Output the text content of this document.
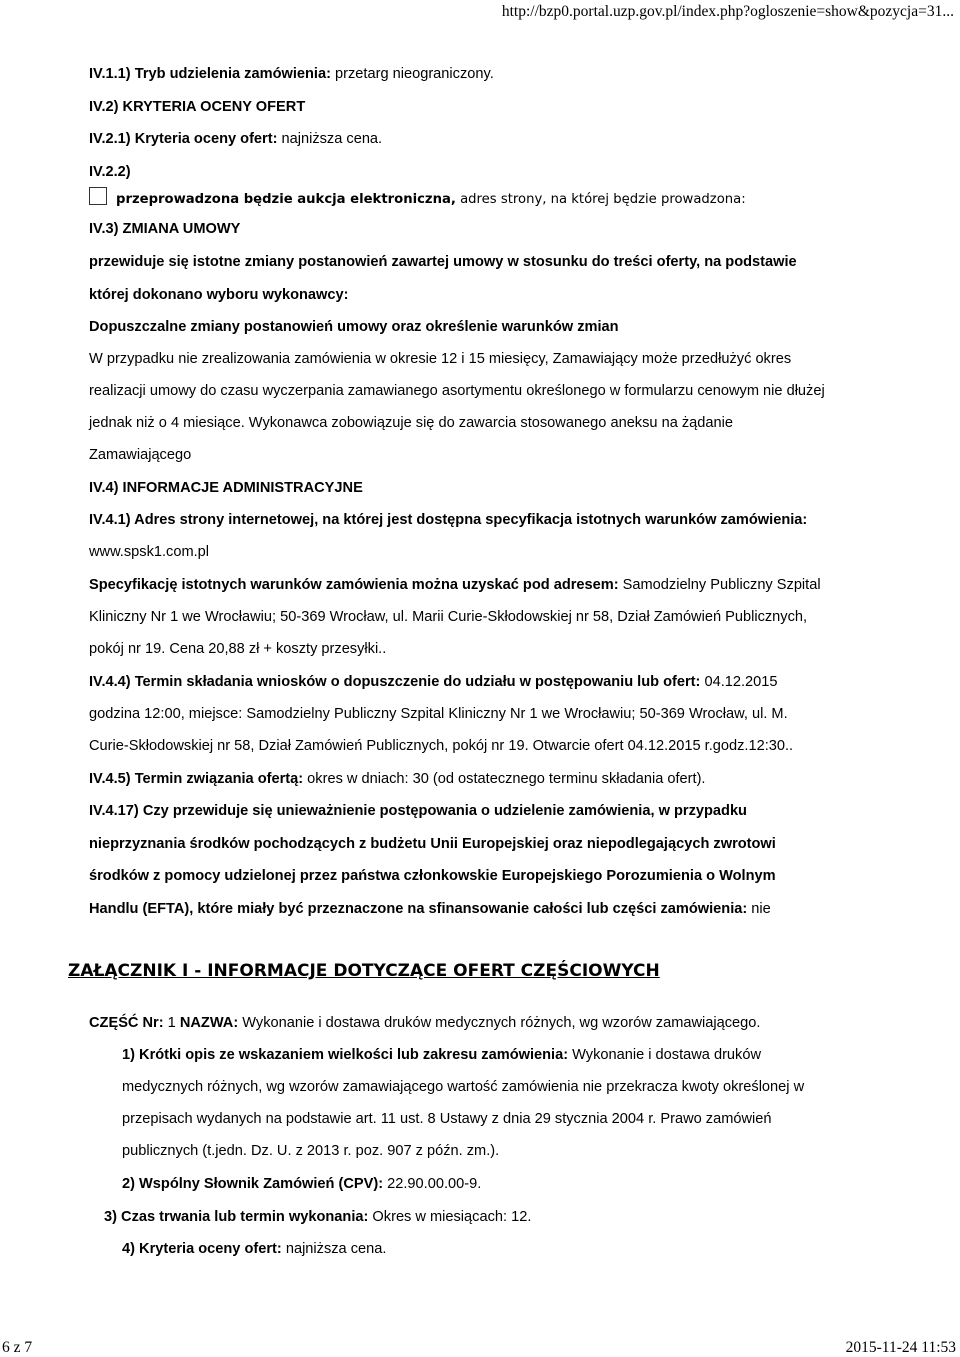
http://bzp0.portal.uzp.gov.pl/index.php?ogloszenie=show&pozycja=31...
IV.1.1) Tryb udzielenia zamówienia: przetarg nieograniczony.
IV.2) KRYTERIA OCENY OFERT
IV.2.1) Kryteria oceny ofert: najniższa cena.
IV.2.2)
przeprowadzona będzie aukcja elektroniczna, adres strony, na której będzie prowadzona:
IV.3) ZMIANA UMOWY
przewiduje się istotne zmiany postanowień zawartej umowy w stosunku do treści oferty, na podstawie
której dokonano wyboru wykonawcy:
Dopuszczalne zmiany postanowień umowy oraz określenie warunków zmian
W przypadku nie zrealizowania zamówienia w okresie 12 i 15 miesięcy, Zamawiający może przedłużyć okres
realizacji umowy do czasu wyczerpania zamawianego asortymentu określonego w formularzu cenowym nie dłużej
jednak niż o 4 miesiące. Wykonawca zobowiązuje się do zawarcia stosowanego aneksu na żądanie
Zamawiającego
IV.4) INFORMACJE ADMINISTRACYJNE
IV.4.1) Adres strony internetowej, na której jest dostępna specyfikacja istotnych warunków zamówienia:
www.spsk1.com.pl
Specyfikację istotnych warunków zamówienia można uzyskać pod adresem: Samodzielny Publiczny Szpital
Kliniczny Nr 1 we Wrocławiu; 50-369 Wrocław, ul. Marii Curie-Skłodowskiej nr 58, Dział Zamówień Publicznych,
pokój nr 19. Cena 20,88 zł + koszty przesyłki..
IV.4.4) Termin składania wniosków o dopuszczenie do udziału w postępowaniu lub ofert: 04.12.2015
godzina 12:00, miejsce: Samodzielny Publiczny Szpital Kliniczny Nr 1 we Wrocławiu; 50-369 Wrocław, ul. M.
Curie-Skłodowskiej nr 58, Dział Zamówień Publicznych, pokój nr 19. Otwarcie ofert 04.12.2015 r.godz.12:30..
IV.4.5) Termin związania ofertą: okres w dniach: 30 (od ostatecznego terminu składania ofert).
IV.4.17) Czy przewiduje się unieważnienie postępowania o udzielenie zamówienia, w przypadku
nieprzyznania środków pochodzących z budżetu Unii Europejskiej oraz niepodlegających zwrotowi
środków z pomocy udzielonej przez państwa członkowskie Europejskiego Porozumienia o Wolnym
Handlu (EFTA), które miały być przeznaczone na sfinansowanie całości lub części zamówienia: nie
ZAŁĄCZNIK I - INFORMACJE DOTYCZĄCE OFERT CZĘŚCIOWYCH
CZĘŚĆ Nr: 1 NAZWA: Wykonanie i dostawa druków medycznych różnych, wg wzorów zamawiającego.
1) Krótki opis ze wskazaniem wielkości lub zakresu zamówienia: Wykonanie i dostawa druków
medycznych różnych, wg wzorów zamawiającego wartość zamówienia nie przekracza kwoty określonej w
przepisach wydanych na podstawie art. 11 ust. 8 Ustawy z dnia 29 stycznia 2004 r. Prawo zamówień
publicznych (t.jedn. Dz. U. z 2013 r. poz. 907 z późn. zm.).
2) Wspólny Słownik Zamówień (CPV): 22.90.00.00-9.
3) Czas trwania lub termin wykonania: Okres w miesiącach: 12.
4) Kryteria oceny ofert: najniższa cena.
6 z 7	2015-11-24 11:53
